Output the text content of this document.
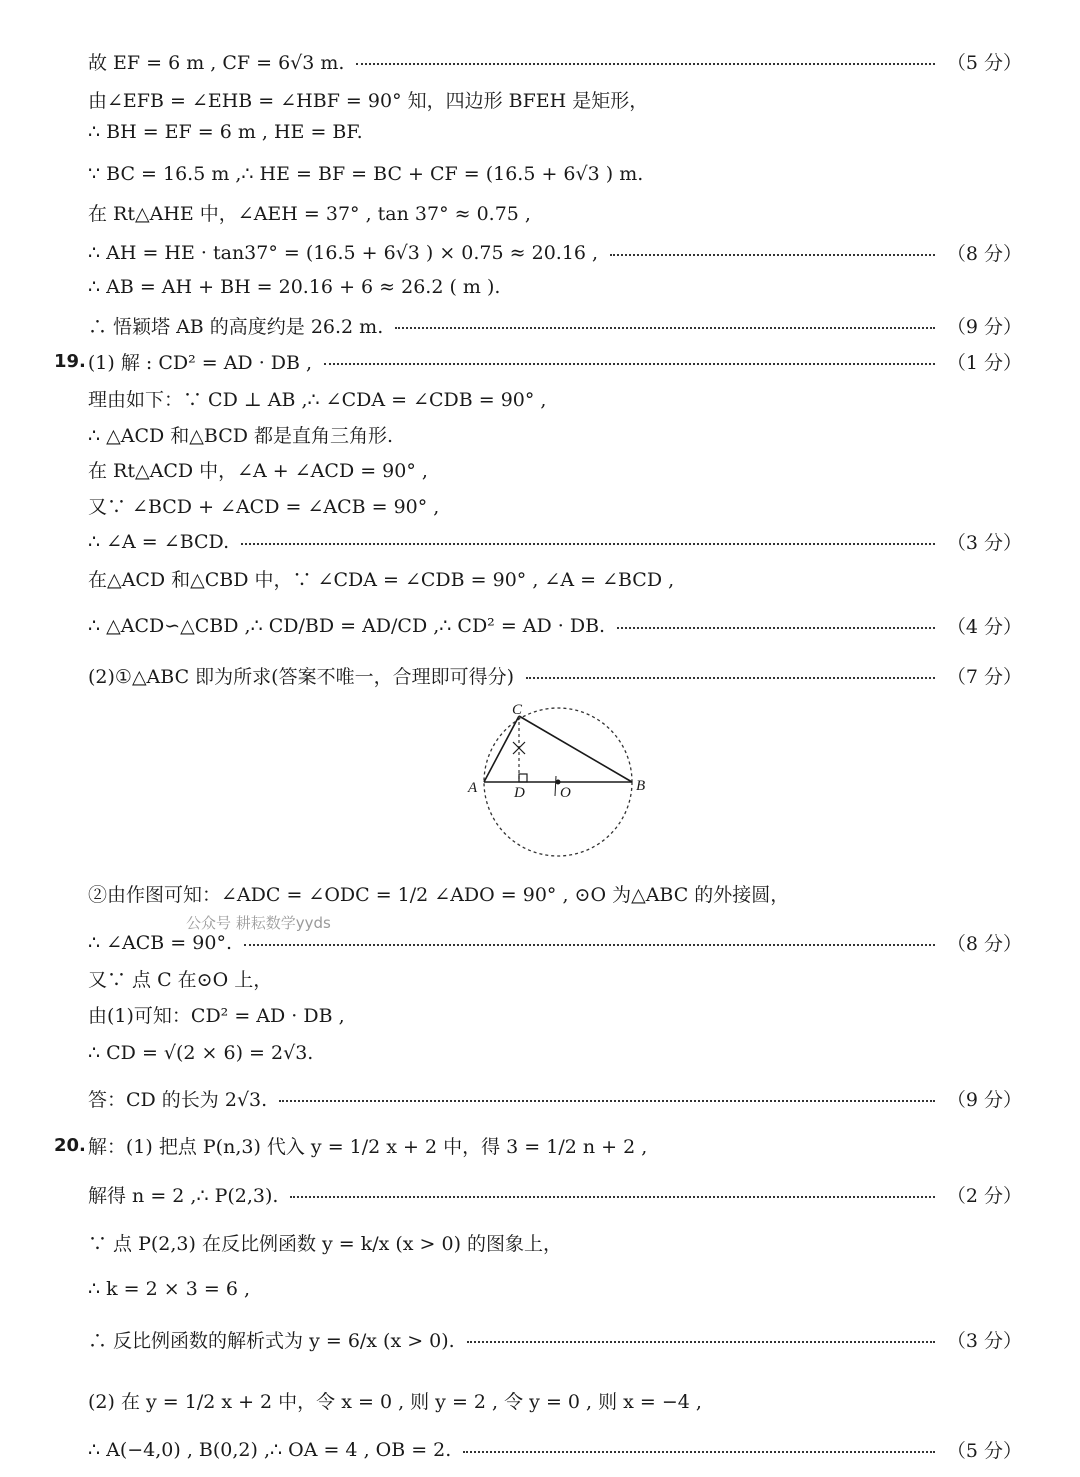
故 EF = 6 m , CF = 6√3 m.	（5 分）
由∠EFB = ∠EHB = ∠HBF = 90° 知，四边形 BFEH 是矩形，
∴ BH = EF = 6 m , HE = BF.
∵ BC = 16.5 m ,∴ HE = BF = BC + CF = (16.5 + 6√3 ) m.
在 Rt△AHE 中，∠AEH = 37° , tan 37° ≈ 0.75 ,
∴ AH = HE · tan37° = (16.5 + 6√3 ) × 0.75 ≈ 20.16 ,	（8 分）
∴ AB = AH + BH = 20.16 + 6 ≈ 26.2 ( m ).
∴ 悟颖塔 AB 的高度约是 26.2 m.	（9 分）
19. (1) 解 : CD² = AD · DB ,	（1 分）
理由如下：∵ CD ⊥ AB ,∴ ∠CDA = ∠CDB = 90° ,
∴ △ACD 和△BCD 都是直角三角形.
在 Rt△ACD 中，∠A + ∠ACD = 90° ,
又∵ ∠BCD + ∠ACD = ∠ACB = 90° ,
∴ ∠A = ∠BCD.	（3 分）
在△ACD 和△CBD 中，∵ ∠CDA = ∠CDB = 90° , ∠A = ∠BCD ,
∴ △ACD∽△CBD ,∴ CD/BD = AD/CD ,∴ CD² = AD · DB.	（4 分）
(2)①△ABC 即为所求(答案不唯一，合理即可得分)	（7 分）
C
A D O	B
②由作图可知：∠ADC = ∠ODC = 1/2 ∠ADO = 90° , ⊙O 为△ABC 的外接圆，
公众号 耕耘数学yyds
∴ ∠ACB = 90°.	（8 分）
又∵ 点 C 在⊙O 上，
由(1)可知：CD² = AD · DB ,
∴ CD = √(2 × 6) = 2√3.
答：CD 的长为 2√3.	（9 分）
20. 解：(1) 把点 P(n,3) 代入 y = 1/2 x + 2 中，得 3 = 1/2 n + 2 ,
解得 n = 2 ,∴ P(2,3).	（2 分）
∵ 点 P(2,3) 在反比例函数 y = k/x (x > 0) 的图象上，
∴ k = 2 × 3 = 6 ,
∴ 反比例函数的解析式为 y = 6/x (x > 0).	（3 分）
(2) 在 y = 1/2 x + 2 中，令 x = 0 , 则 y = 2 , 令 y = 0 , 则 x = −4 ,
∴ A(−4,0) , B(0,2) ,∴ OA = 4 , OB = 2.	（5 分）
